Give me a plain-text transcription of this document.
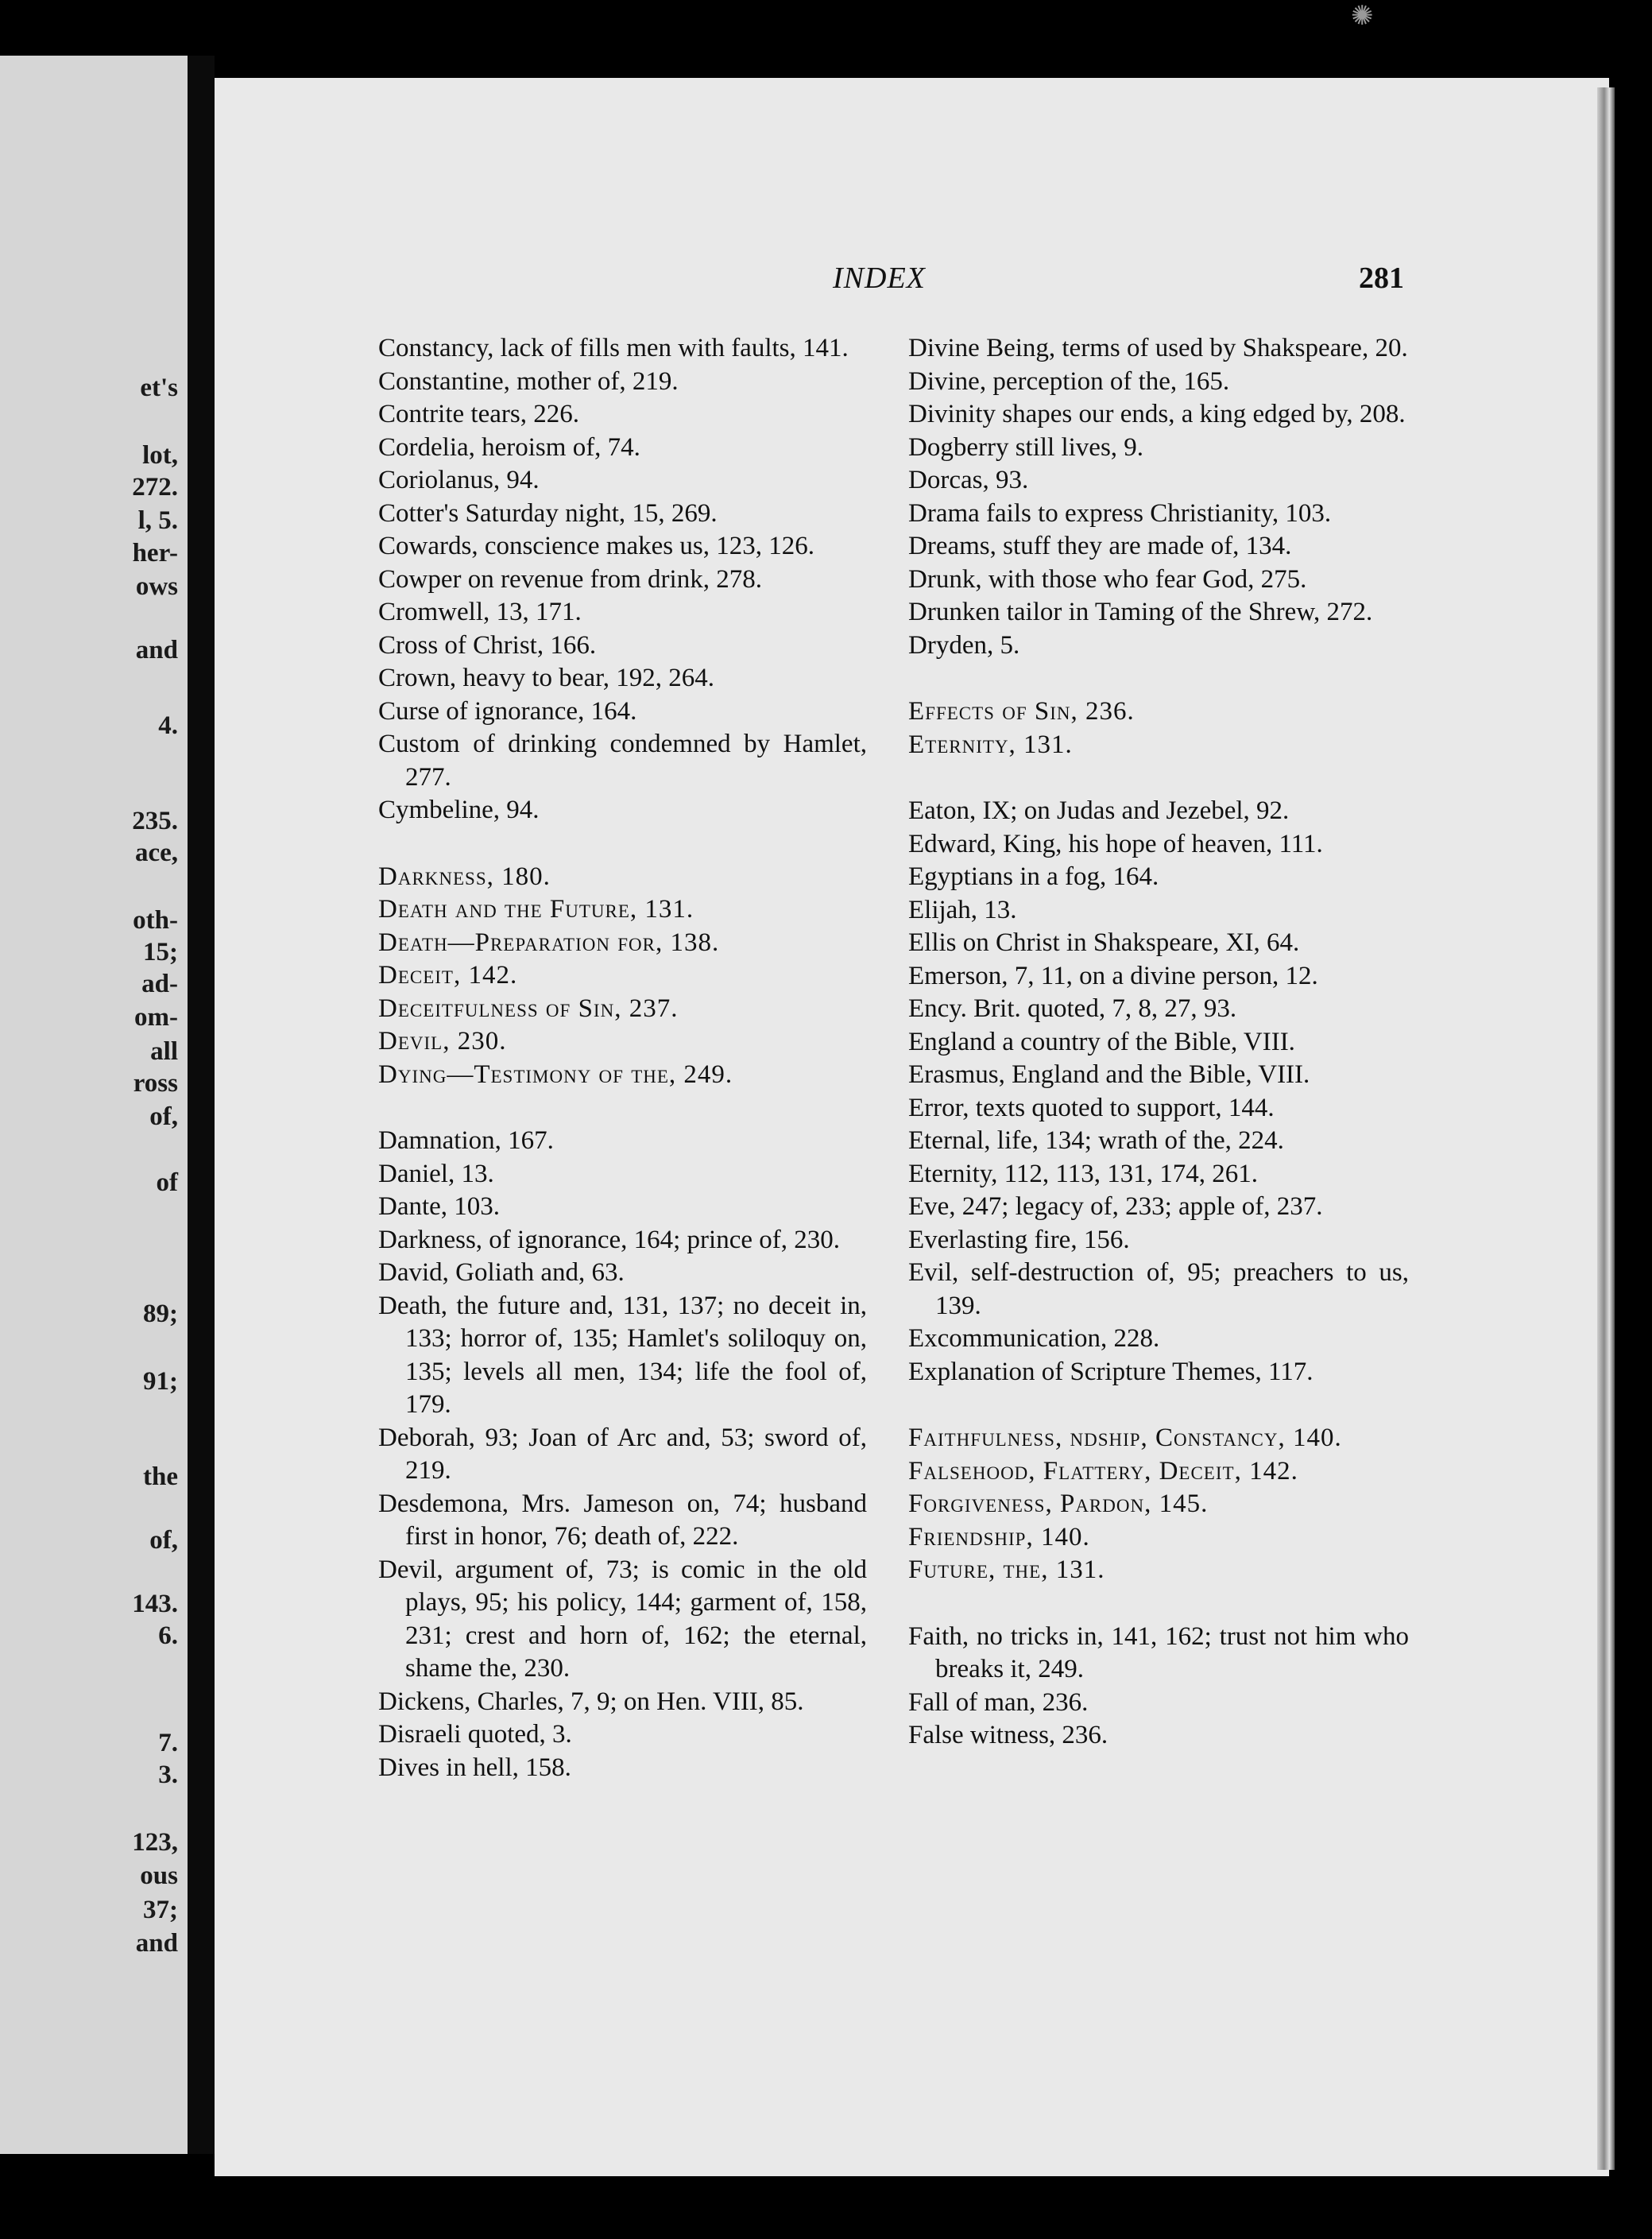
et's
lot,
272.
l, 5.
her-
ows
and
4.
235.
ace,
oth-
15;
ad-
om-
all
ross
of,
of
89;
91;
the
of,
143.
6.
7.
3.
123,
ous
37;
and
✺
INDEX	281
Constancy, lack of fills men with faults, 141.
Constantine, mother of, 219.
Contrite tears, 226.
Cordelia, heroism of, 74.
Coriolanus, 94.
Cotter's Saturday night, 15, 269.
Cowards, conscience makes us, 123, 126.
Cowper on revenue from drink, 278.
Cromwell, 13, 171.
Cross of Christ, 166.
Crown, heavy to bear, 192, 264.
Curse of ignorance, 164.
Custom of drinking condemned by Hamlet, 277.
Cymbeline, 94.
Darkness, 180.
Death and the Future, 131.
Death—Preparation for, 138.
Deceit, 142.
Deceitfulness of Sin, 237.
Devil, 230.
Dying—Testimony of the, 249.
Damnation, 167.
Daniel, 13.
Dante, 103.
Darkness, of ignorance, 164; prince of, 230.
David, Goliath and, 63.
Death, the future and, 131, 137; no deceit in, 133; horror of, 135; Hamlet's soliloquy on, 135; levels all men, 134; life the fool of, 179.
Deborah, 93; Joan of Arc and, 53; sword of, 219.
Desdemona, Mrs. Jameson on, 74; husband first in honor, 76; death of, 222.
Devil, argument of, 73; is comic in the old plays, 95; his policy, 144; garment of, 158, 231; crest and horn of, 162; the eternal, shame the, 230.
Dickens, Charles, 7, 9; on Hen. VIII, 85.
Disraeli quoted, 3.
Dives in hell, 158.
Divine Being, terms of used by Shakspeare, 20.
Divine, perception of the, 165.
Divinity shapes our ends, a king edged by, 208.
Dogberry still lives, 9.
Dorcas, 93.
Drama fails to express Christianity, 103.
Dreams, stuff they are made of, 134.
Drunk, with those who fear God, 275.
Drunken tailor in Taming of the Shrew, 272.
Dryden, 5.
Effects of Sin, 236.
Eternity, 131.
Eaton, IX; on Judas and Jezebel, 92.
Edward, King, his hope of heaven, 111.
Egyptians in a fog, 164.
Elijah, 13.
Ellis on Christ in Shakspeare, XI, 64.
Emerson, 7, 11, on a divine person, 12.
Ency. Brit. quoted, 7, 8, 27, 93.
England a country of the Bible, VIII.
Erasmus, England and the Bible, VIII.
Error, texts quoted to support, 144.
Eternal, life, 134; wrath of the, 224.
Eternity, 112, 113, 131, 174, 261.
Eve, 247; legacy of, 233; apple of, 237.
Everlasting fire, 156.
Evil, self-destruction of, 95; preachers to us, 139.
Excommunication, 228.
Explanation of Scripture Themes, 117.
Faithfulness, ndship, Constancy, 140.
Falsehood, Flattery, Deceit, 142.
Forgiveness, Pardon, 145.
Friendship, 140.
Future, the, 131.
Faith, no tricks in, 141, 162; trust not him who breaks it, 249.
Fall of man, 236.
False witness, 236.
